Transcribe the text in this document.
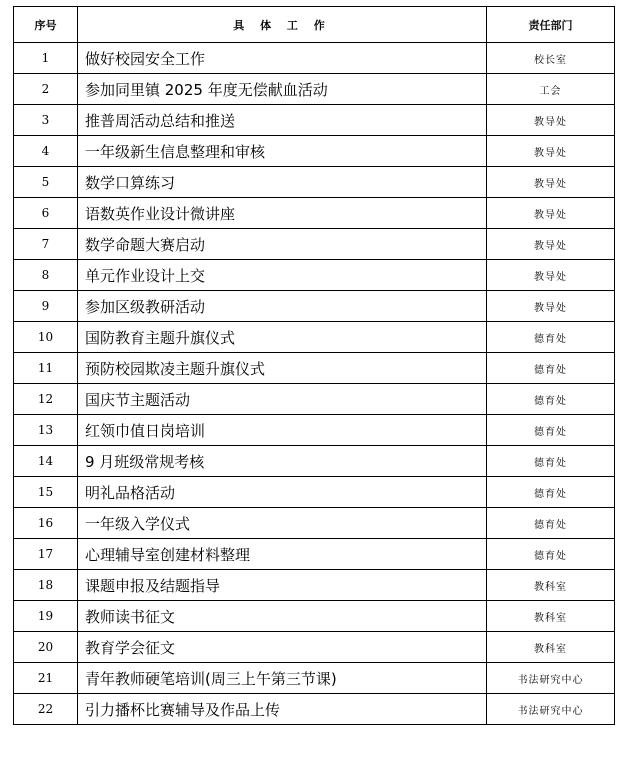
序号	具 体 工 作	责任部门
1	做好校园安全工作	校长室
2	参加同里镇 2025 年度无偿献血活动	工会
3	推普周活动总结和推送	教导处
4	一年级新生信息整理和审核	教导处
5	数学口算练习	教导处
6	语数英作业设计微讲座	教导处
7	数学命题大赛启动	教导处
8	单元作业设计上交	教导处
9	参加区级教研活动	教导处
10	国防教育主题升旗仪式	德育处
11	预防校园欺凌主题升旗仪式	德育处
12	国庆节主题活动	德育处
13	红领巾值日岗培训	德育处
14	9 月班级常规考核	德育处
15	明礼品格活动	德育处
16	一年级入学仪式	德育处
17	心理辅导室创建材料整理	德育处
18	课题申报及结题指导	教科室
19	教师读书征文	教科室
20	教育学会征文	教科室
21	青年教师硬笔培训(周三上午第三节课)	书法研究中心
22	引力播杯比赛辅导及作品上传	书法研究中心
